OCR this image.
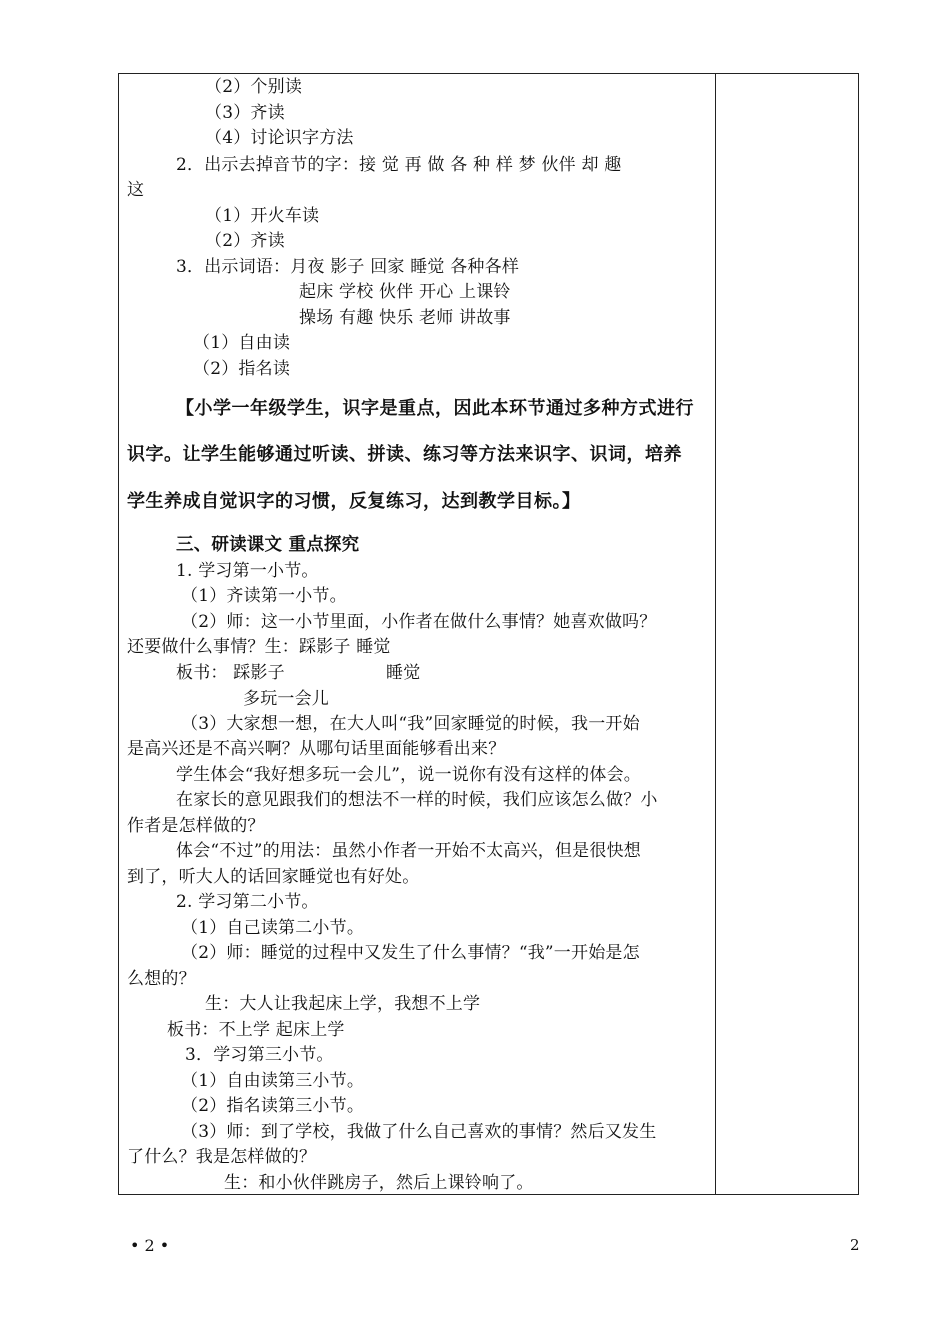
（2）个别读
（3）齐读
（4）讨论识字方法
2．出示去掉音节的字：接 觉 再 做 各 种 样 梦 伙伴 却 趣
这
（1）开火车读
（2）齐读
3．出示词语：月夜 影子 回家 睡觉 各种各样
起床 学校 伙伴 开心 上课铃
操场 有趣 快乐 老师 讲故事
（1）自由读
（2）指名读
【小学一年级学生，识字是重点，因此本环节通过多种方式进行
识字。让学生能够通过听读、拼读、练习等方法来识字、识词，培养
学生养成自觉识字的习惯，反复练习，达到教学目标。】
三、研读课文 重点探究
1. 学习第一小节。
（1）齐读第一小节。
（2）师：这一小节里面，小作者在做什么事情？她喜欢做吗？
还要做什么事情？生：踩影子 睡觉
板书： 踩影子	睡觉
多玩一会儿
（3）大家想一想，在大人叫“我”回家睡觉的时候，我一开始
是高兴还是不高兴啊？从哪句话里面能够看出来？
学生体会“我好想多玩一会儿”，说一说你有没有这样的体会。
在家长的意见跟我们的想法不一样的时候，我们应该怎么做？小
作者是怎样做的？
体会“不过”的用法：虽然小作者一开始不太高兴，但是很快想
到了，听大人的话回家睡觉也有好处。
2. 学习第二小节。
（1）自己读第二小节。
（2）师：睡觉的过程中又发生了什么事情？“我”一开始是怎
么想的？
生：大人让我起床上学，我想不上学
板书：不上学 起床上学
3．学习第三小节。
（1）自由读第三小节。
（2）指名读第三小节。
（3）师：到了学校，我做了什么自己喜欢的事情？然后又发生
了什么？我是怎样做的？
生：和小伙伴跳房子，然后上课铃响了。
• 2 •	2
